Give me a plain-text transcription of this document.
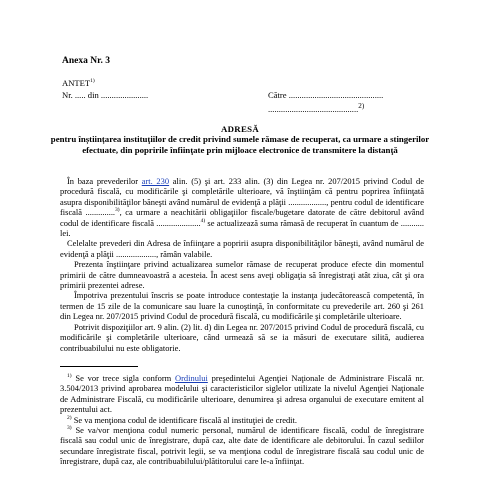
Anexa Nr. 3
ANTET$^{1)}$
Nr. ..... din ......................	Către ............................................
..........................................$^{2)}$
ADRESĂ
pentru înștiințarea instituţiilor de credit privind sumele rămase de recuperat, ca urmare a stingerilor efectuate, din popririle înfiinţate prin mijloace electronice de transmitere la distanţă

În baza prevederilor art. 230 alin. (5) şi art. 233 alin. (3) din Legea nr. 207/2015 privind Codul de procedură fiscală, cu modificările şi completările ulterioare, vă înştiinţăm că pentru poprirea înfiinţată asupra disponibilităţilor băneşti având numărul de evidenţă a plăţii .................., pentru codul de identificare fiscală ..............$^{3)}$, ca urmare a neachitării obligaţiilor fiscale/bugetare datorate de către debitorul având codul de identificare fiscală .....................$^{4)}$ se actualizează suma rămasă de recuperat în cuantum de ........... lei.

Celelalte prevederi din Adresa de înfiinţare a popririi asupra disponibilităţilor băneşti, având numărul de evidenţă a plăţii ..................., rămân valabile.

Prezenta înştiinţare privind actualizarea sumelor rămase de recuperat produce efecte din momentul primirii de către dumneavoastră a acesteia. În acest sens aveţi obligaţia să înregistraţi atât ziua, cât şi ora primirii prezentei adrese.

Împotriva prezentului înscris se poate introduce contestaţie la instanţa judecătorească competentă, în termen de 15 zile de la comunicare sau luare la cunoştinţă, în conformitate cu prevederile art. 260 şi 261 din Legea nr. 207/2015 privind Codul de procedură fiscală, cu modificările şi completările ulterioare.

Potrivit dispoziţiilor art. 9 alin. (2) lit. d) din Legea nr. 207/2015 privind Codul de procedură fiscală, cu modificările şi completările ulterioare, când urmează să se ia măsuri de executare silită, audierea contribuabilului nu este obligatorie.

$^{1)}$ Se vor trece sigla conform Ordinului preşedintelui Agenţiei Naţionale de Administrare Fiscală nr. 3.504/2013 privind aprobarea modelului şi caracteristicilor siglelor utilizate la nivelul Agenţiei Naţionale de Administrare Fiscală, cu modificările ulterioare, denumirea şi adresa organului de executare emitent al prezentului act.

$^{2)}$ Se va menţiona codul de identificare fiscală al instituţiei de credit.

$^{3)}$ Se va/vor menţiona codul numeric personal, numărul de identificare fiscală, codul de înregistrare fiscală sau codul unic de înregistrare, după caz, alte date de identificare ale debitorului. În cazul sediilor secundare înregistrate fiscal, potrivit legii, se va menţiona codul de înregistrare fiscală sau codul unic de înregistrare, după caz, ale contribuabilului/plătitorului care le-a înfiinţat.
